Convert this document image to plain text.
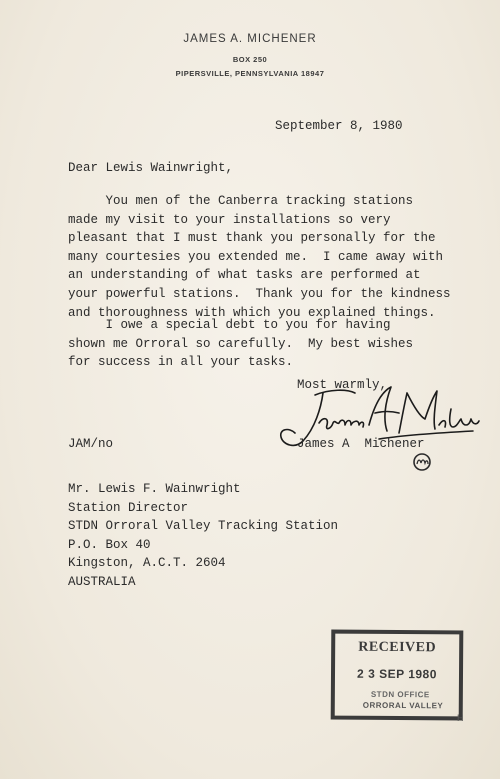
JAMES A. MICHENER
BOX 250
PIPERSVILLE, PENNSYLVANIA 18947
September 8, 1980
Dear Lewis Wainwright,
You men of the Canberra tracking stations
made my visit to your installations so very
pleasant that I must thank you personally for the
many courtesies you extended me.  I came away with
an understanding of what tasks are performed at
your powerful stations.  Thank you for the kindness
and thoroughness with which you explained things.
I owe a special debt to you for having
shown me Orroral so carefully.  My best wishes
for success in all your tasks.
Most warmly,
James A  Michener
JAM/no
Mr. Lewis F. Wainwright
Station Director
STDN Orroral Valley Tracking Station
P.O. Box 40
Kingston, A.C.T. 2604
AUSTRALIA
RECEIVED
2 3 SEP 1980
STDN OFFICE
ORRORAL VALLEY
H
